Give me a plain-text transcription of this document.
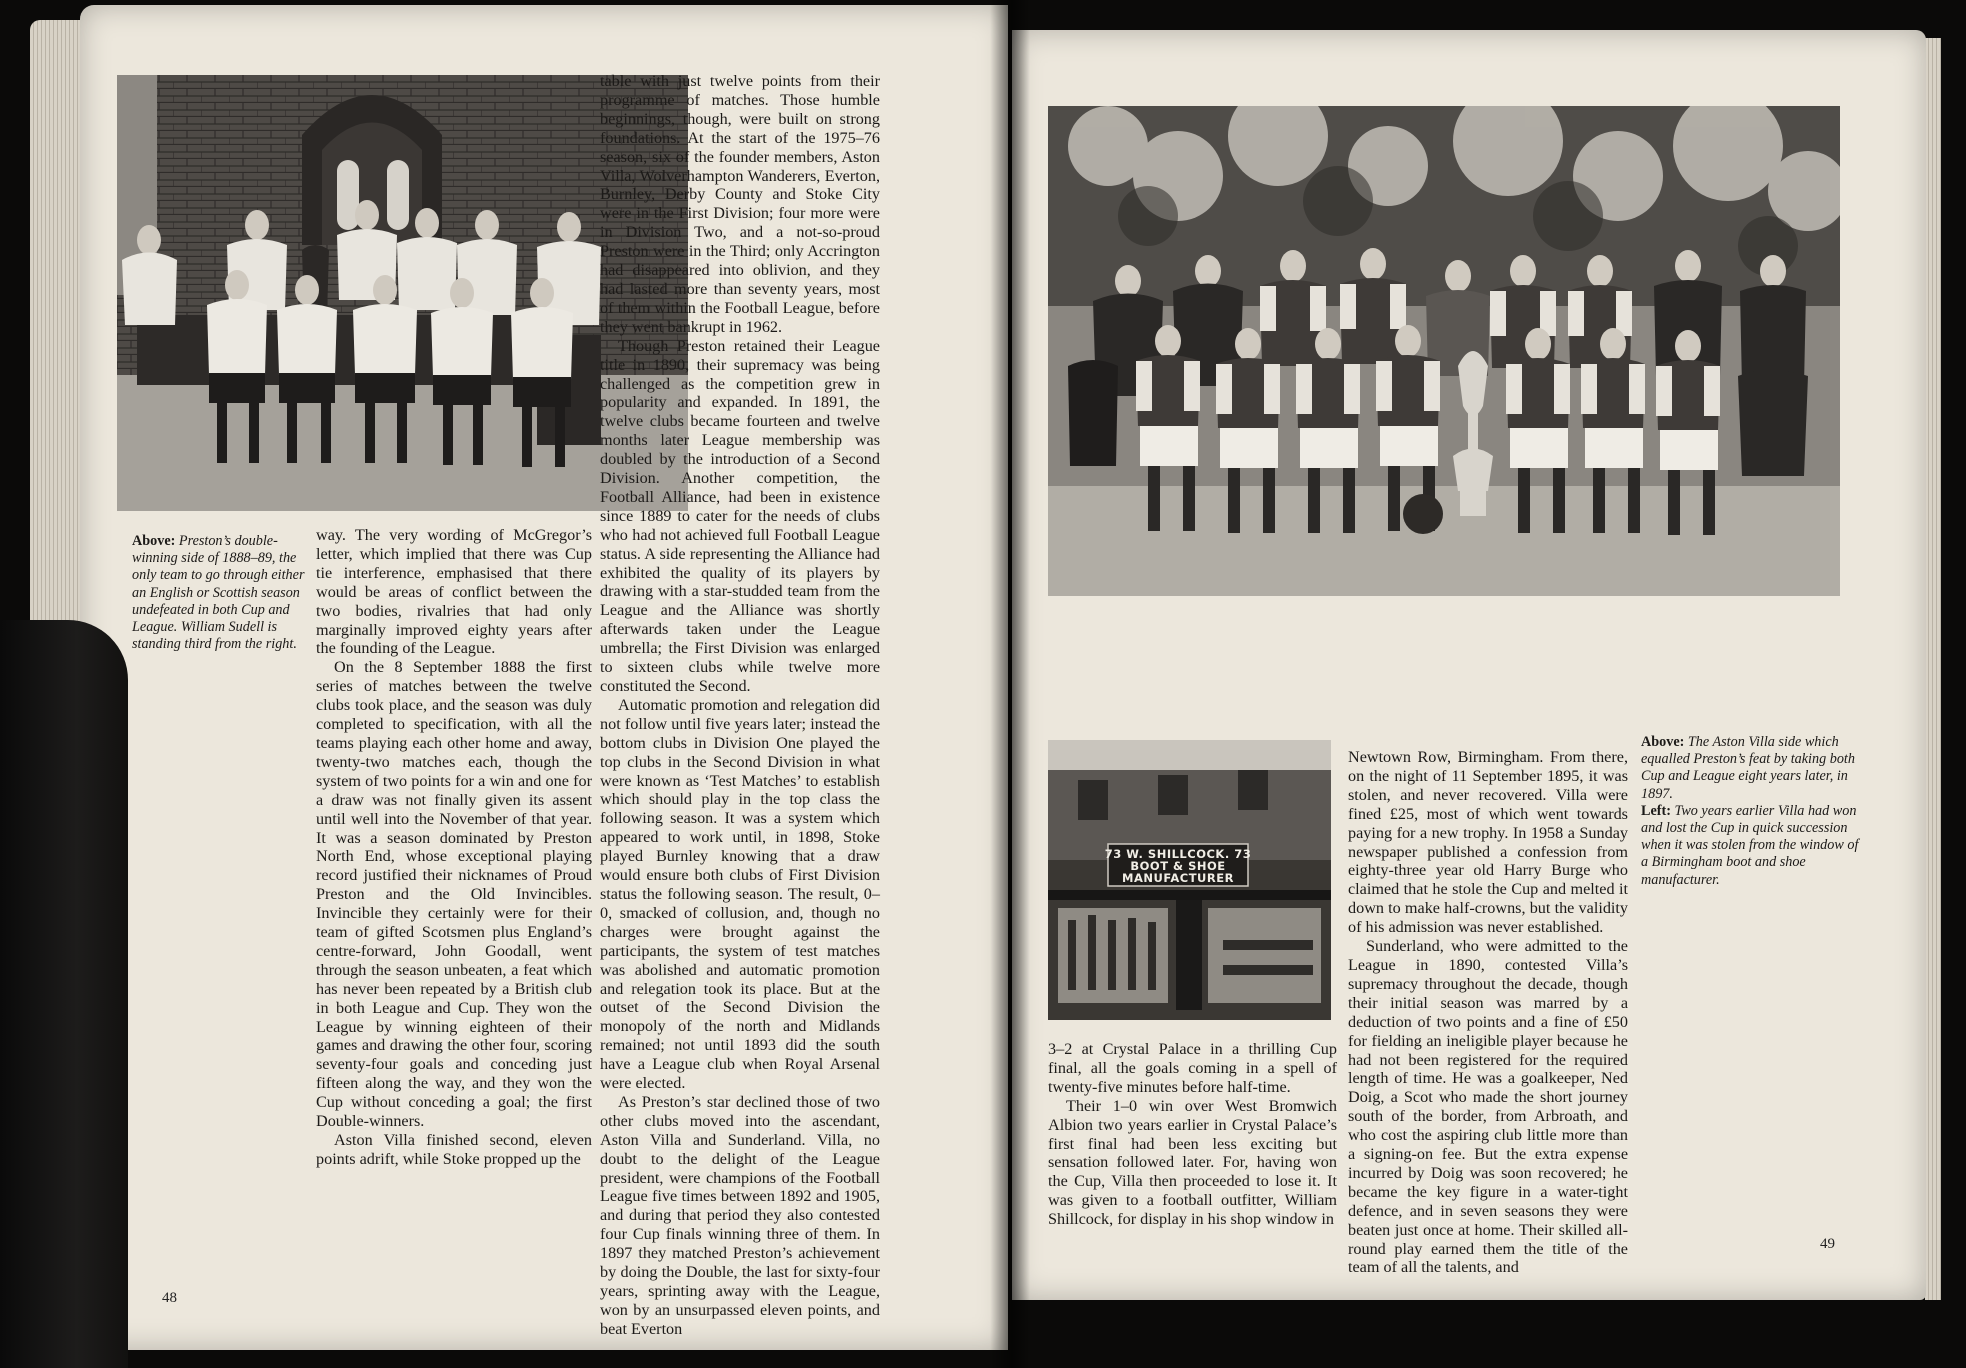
Above: Preston’s double-winning side of 1888–89, the only team to go through either an English or Scottish season undefeated in both Cup and League. William Sudell is standing third from the right.

way. The very wording of McGregor’s letter, which implied that there was Cup tie interference, emphasised that there would be areas of conflict between the two bodies, rivalries that had only marginally improved eighty years after the founding of the League.

On the 8 September 1888 the first series of matches between the twelve clubs took place, and the season was duly completed to specification, with all the teams playing each other home and away, twenty-two matches each, though the system of two points for a win and one for a draw was not finally given its assent until well into the November of that year. It was a season dominated by Preston North End, whose exceptional playing record justified their nicknames of Proud Preston and the Old Invincibles. Invincible they certainly were for their team of gifted Scotsmen plus England’s centre-forward, John Goodall, went through the season unbeaten, a feat which has never been repeated by a British club in both League and Cup. They won the League by winning eighteen of their games and drawing the other four, scoring seventy-four goals and conceding just fifteen along the way, and they won the Cup without conceding a goal; the first Double-winners.

Aston Villa finished second, eleven points adrift, while Stoke propped up the

table with just twelve points from their programme of matches. Those humble beginnings, though, were built on strong foundations. At the start of the 1975–76 season, six of the founder members, Aston Villa, Wolverhampton Wanderers, Everton, Burnley, Derby County and Stoke City were in the First Division; four more were in Division Two, and a not-so-proud Preston were in the Third; only Accrington had disappeared into oblivion, and they had lasted more than seventy years, most of them within the Football League, before they went bankrupt in 1962.

Though Preston retained their League title in 1890, their supremacy was being challenged as the competition grew in popularity and expanded. In 1891, the twelve clubs became fourteen and twelve months later League membership was doubled by the introduction of a Second Division. Another competition, the Football Alliance, had been in existence since 1889 to cater for the needs of clubs who had not achieved full Football League status. A side representing the Alliance had exhibited the quality of its players by drawing with a star-studded team from the League and the Alliance was shortly afterwards taken under the League umbrella; the First Division was enlarged to sixteen clubs while twelve more constituted the Second.

Automatic promotion and relegation did not follow until five years later; instead the bottom clubs in Division One played the top clubs in the Second Division in what were known as ‘Test Matches’ to establish which should play in the top class the following season. It was a system which appeared to work until, in 1898, Stoke played Burnley knowing that a draw would ensure both clubs of First Division status the following season. The result, 0–0, smacked of collusion, and, though no charges were brought against the participants, the system of test matches was abolished and automatic promotion and relegation took its place. But at the outset of the Second Division the monopoly of the north and Midlands remained; not until 1893 did the south have a League club when Royal Arsenal were elected.

As Preston’s star declined those of two other clubs moved into the ascendant, Aston Villa and Sunderland. Villa, no doubt to the delight of the League president, were champions of the Football League five times between 1892 and 1905, and during that period they also contested four Cup finals winning three of them. In 1897 they matched Preston’s achievement by doing the Double, the last for sixty-four years, sprinting away with the League, won by an unsurpassed eleven points, and beat Everton

48
73 W. SHILLCOCK. 73
BOOT & SHOE
MANUFACTURER

3–2 at Crystal Palace in a thrilling Cup final, all the goals coming in a spell of twenty-five minutes before half-time.

Their 1–0 win over West Bromwich Albion two years earlier in Crystal Palace’s first final had been less exciting but sensation followed later. For, having won the Cup, Villa then proceeded to lose it. It was given to a football outfitter, William Shillcock, for display in his shop window in

Newtown Row, Birmingham. From there, on the night of 11 September 1895, it was stolen, and never recovered. Villa were fined £25, most of which went towards paying for a new trophy. In 1958 a Sunday newspaper published a confession from eighty-three year old Harry Burge who claimed that he stole the Cup and melted it down to make half-crowns, but the validity of his admission was never established.

Sunderland, who were admitted to the League in 1890, contested Villa’s supremacy throughout the decade, though their initial season was marred by a deduction of two points and a fine of £50 for fielding an ineligible player because he had not been registered for the required length of time. He was a goalkeeper, Ned Doig, a Scot who made the short journey south of the border, from Arbroath, and who cost the aspiring club little more than a signing-on fee. But the extra expense incurred by Doig was soon recovered; he became the key figure in a water-tight defence, and in seven seasons they were beaten just once at home. Their skilled all-round play earned them the title of the team of all the talents, and

Above: The Aston Villa side which equalled Preston’s feat by taking both Cup and League eight years later, in 1897.

Left: Two years earlier Villa had won and lost the Cup in quick succession when it was stolen from the window of a Birmingham boot and shoe manufacturer.

49
